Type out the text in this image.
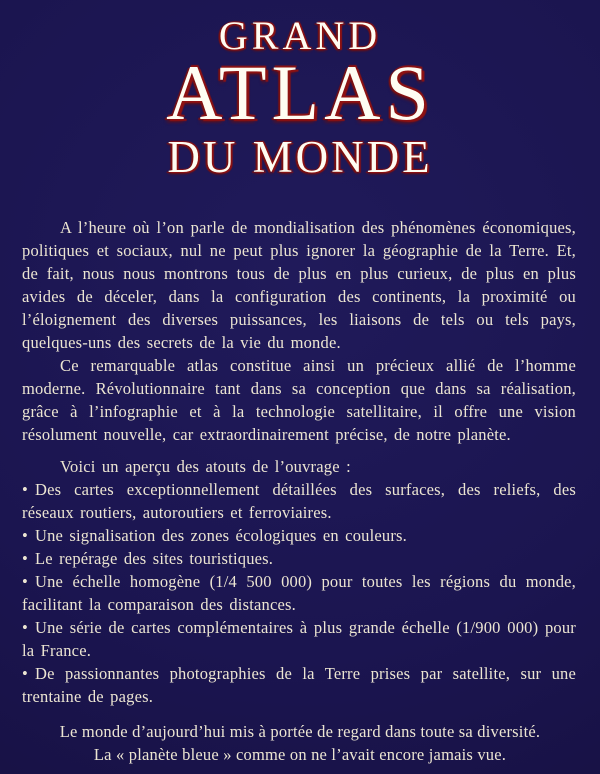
GRAND
ATLAS
DU MONDE

A l’heure où l’on parle de mondialisation des phénomènes économiques, politiques et sociaux, nul ne peut plus ignorer la géographie de la Terre. Et, de fait, nous nous montrons tous de plus en plus curieux, de plus en plus avides de déceler, dans la configuration des continents, la proximité ou l’éloignement des diverses puissances, les liaisons de tels ou tels pays, quelques-uns des secrets de la vie du monde.

Ce remarquable atlas constitue ainsi un précieux allié de l’homme moderne. Révolutionnaire tant dans sa conception que dans sa réalisation, grâce à l’infographie et à la technologie satellitaire, il offre une vision résolument nouvelle, car extraordinairement précise, de notre planète.

Voici un aperçu des atouts de l’ouvrage :

• Des cartes exceptionnellement détaillées des surfaces, des reliefs, des réseaux routiers, autoroutiers et ferroviaires.

• Une signalisation des zones écologiques en couleurs.

• Le repérage des sites touristiques.

• Une échelle homogène (1/4 500 000) pour toutes les régions du monde, facilitant la comparaison des distances.

• Une série de cartes complémentaires à plus grande échelle (1/900 000) pour la France.

• De passionnantes photographies de la Terre prises par satellite, sur une trentaine de pages.

Le monde d’aujourd’hui mis à portée de regard dans toute sa diversité.
La « planète bleue » comme on ne l’avait encore jamais vue.
